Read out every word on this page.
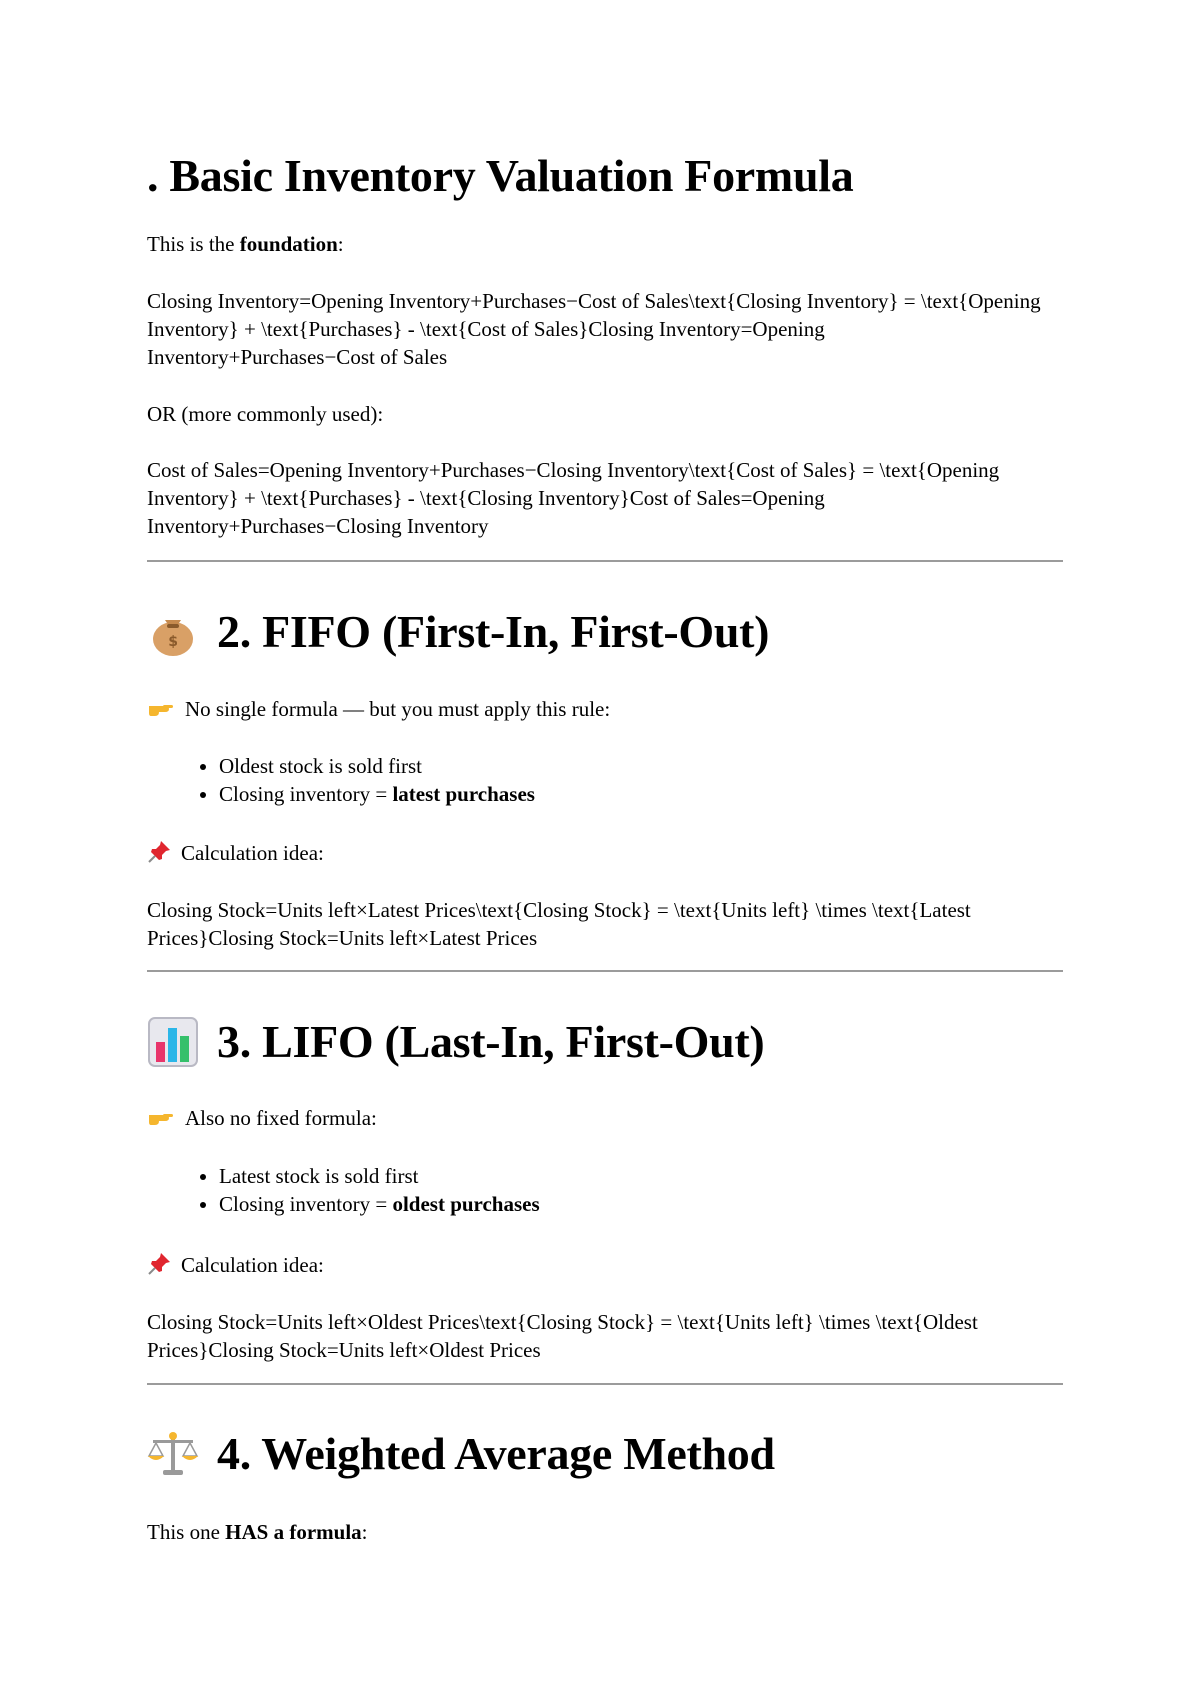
. Basic Inventory Valuation Formula

This is the foundation:

Closing Inventory=Opening Inventory+Purchases−Cost of Sales\text{Closing Inventory} = \text{Opening Inventory} + \text{Purchases} - \text{Cost of Sales}Closing Inventory=Opening Inventory+Purchases−Cost of Sales

OR (more commonly used):

Cost of Sales=Opening Inventory+Purchases−Closing Inventory\text{Cost of Sales} = \text{Opening Inventory} + \text{Purchases} - \text{Closing Inventory}Cost of Sales=Opening Inventory+Purchases−Closing Inventory

$ 2. FIFO (First-In, First-Out)

No single formula — but you must apply this rule:

• Oldest stock is sold first
• Closing inventory = latest purchases

Calculation idea:

Closing Stock=Units left×Latest Prices\text{Closing Stock} = \text{Units left} \times \text{Latest Prices}Closing Stock=Units left×Latest Prices

3. LIFO (Last-In, First-Out)

Also no fixed formula:

• Latest stock is sold first
• Closing inventory = oldest purchases

Calculation idea:

Closing Stock=Units left×Oldest Prices\text{Closing Stock} = \text{Units left} \times \text{Oldest Prices}Closing Stock=Units left×Oldest Prices

4. Weighted Average Method

This one HAS a formula:
